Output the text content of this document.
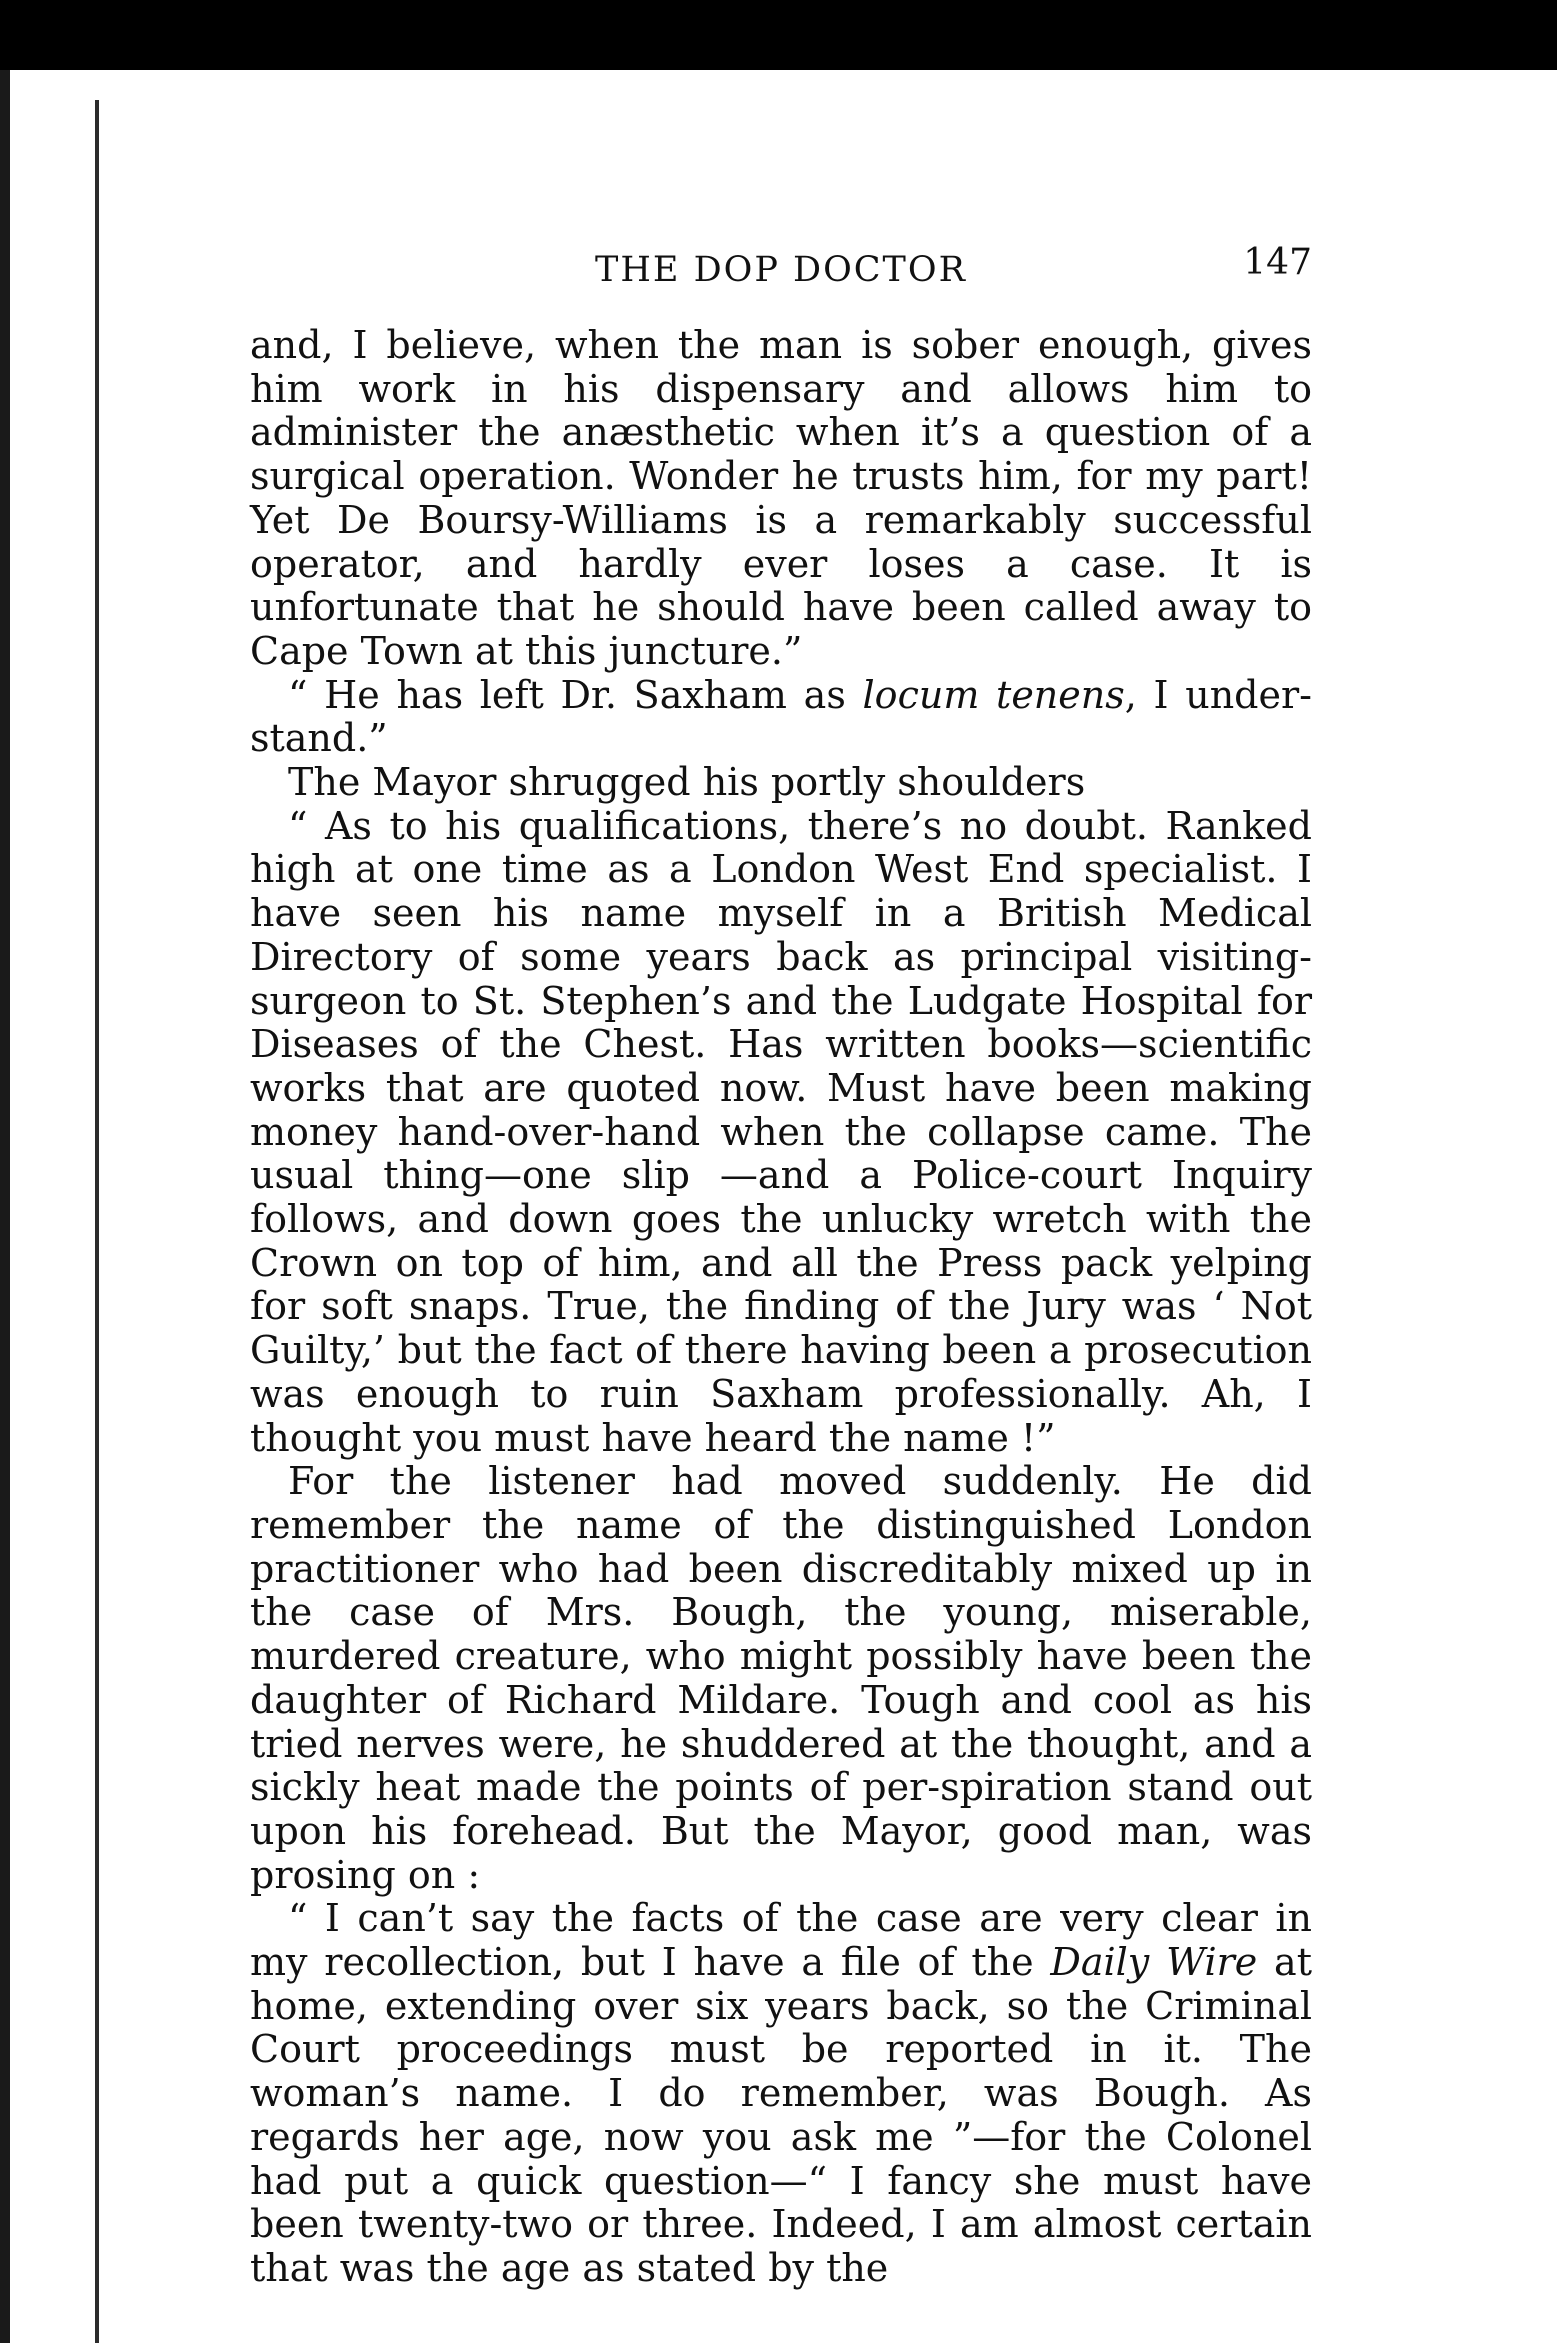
THE DOP DOCTOR	147

and, I believe, when the man is sober enough, gives him work in his dispensary and allows him to administer the anæsthetic when it’s a question of a surgical operation. Wonder he trusts him, for my part! Yet De Boursy-Williams is a remarkably successful operator, and hardly ever loses a case. It is unfortunate that he should have been called away to Cape Town at this juncture.”

“ He has left Dr. Saxham as locum tenens, I under-stand.”

The Mayor shrugged his portly shoulders

“ As to his qualifications, there’s no doubt. Ranked high at one time as a London West End specialist. I have seen his name myself in a British Medical Directory of some years back as principal visiting-surgeon to St. Stephen’s and the Ludgate Hospital for Diseases of the Chest. Has written books—scientific works that are quoted now. Must have been making money hand-over-hand when the collapse came. The usual thing—one slip —and a Police-court Inquiry follows, and down goes the unlucky wretch with the Crown on top of him, and all the Press pack yelping for soft snaps. True, the finding of the Jury was ‘ Not Guilty,’ but the fact of there having been a prosecution was enough to ruin Saxham professionally. Ah, I thought you must have heard the name !”

For the listener had moved suddenly. He did remember the name of the distinguished London practitioner who had been discreditably mixed up in the case of Mrs. Bough, the young, miserable, murdered creature, who might possibly have been the daughter of Richard Mildare. Tough and cool as his tried nerves were, he shuddered at the thought, and a sickly heat made the points of per-spiration stand out upon his forehead. But the Mayor, good man, was prosing on :

“ I can’t say the facts of the case are very clear in my recollection, but I have a file of the Daily Wire at home, extending over six years back, so the Criminal Court proceedings must be reported in it. The woman’s name. I do remember, was Bough. As regards her age, now you ask me ”—for the Colonel had put a quick question—“ I fancy she must have been twenty-two or three. Indeed, I am almost certain that was the age as stated by the
